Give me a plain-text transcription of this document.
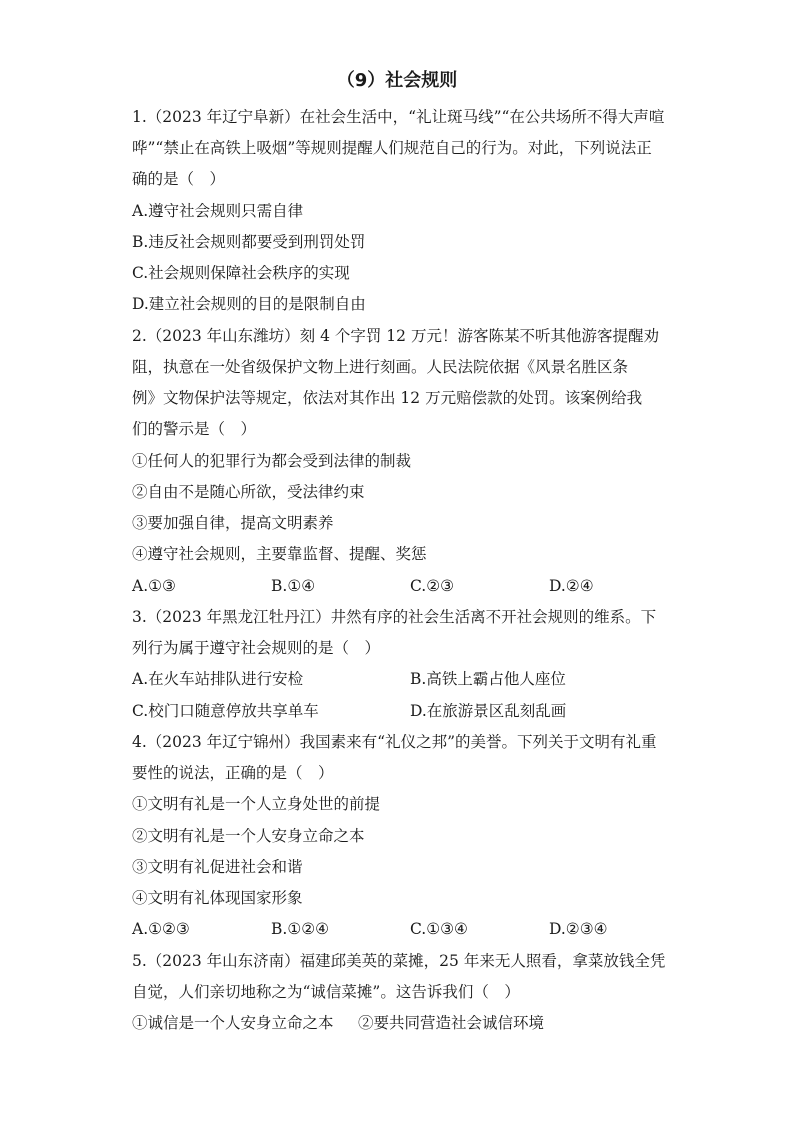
（9）社会规则
1.（2023 年辽宁阜新）在社会生活中，“礼让斑马线”“在公共场所不得大声喧
哗”“禁止在高铁上吸烟”等规则提醒人们规范自己的行为。对此，下列说法正
确的是（　）
A.遵守社会规则只需自律
B.违反社会规则都要受到刑罚处罚
C.社会规则保障社会秩序的实现
D.建立社会规则的目的是限制自由
2.（2023 年山东潍坊）刻 4 个字罚 12 万元！游客陈某不听其他游客提醒劝
阻，执意在一处省级保护文物上进行刻画。人民法院依据《风景名胜区条
例》文物保护法等规定，依法对其作出 12 万元赔偿款的处罚。该案例给我
们的警示是（　）
①任何人的犯罪行为都会受到法律的制裁
②自由不是随心所欲，受法律约束
③要加强自律，提高文明素养
④遵守社会规则，主要靠监督、提醒、奖惩
A.①③	B.①④	C.②③	D.②④
3.（2023 年黑龙江牡丹江）井然有序的社会生活离不开社会规则的维系。下
列行为属于遵守社会规则的是（　）
A.在火车站排队进行安检	B.高铁上霸占他人座位
C.校门口随意停放共享单车	D.在旅游景区乱刻乱画
4.（2023 年辽宁锦州）我国素来有“礼仪之邦”的美誉。下列关于文明有礼重
要性的说法，正确的是（　）
①文明有礼是一个人立身处世的前提
②文明有礼是一个人安身立命之本
③文明有礼促进社会和谐
④文明有礼体现国家形象
A.①②③	B.①②④	C.①③④	D.②③④
5.（2023 年山东济南）福建邱美英的菜摊，25 年来无人照看，拿菜放钱全凭
自觉，人们亲切地称之为“诚信菜摊”。这告诉我们（　）
①诚信是一个人安身立命之本 ②要共同营造社会诚信环境
